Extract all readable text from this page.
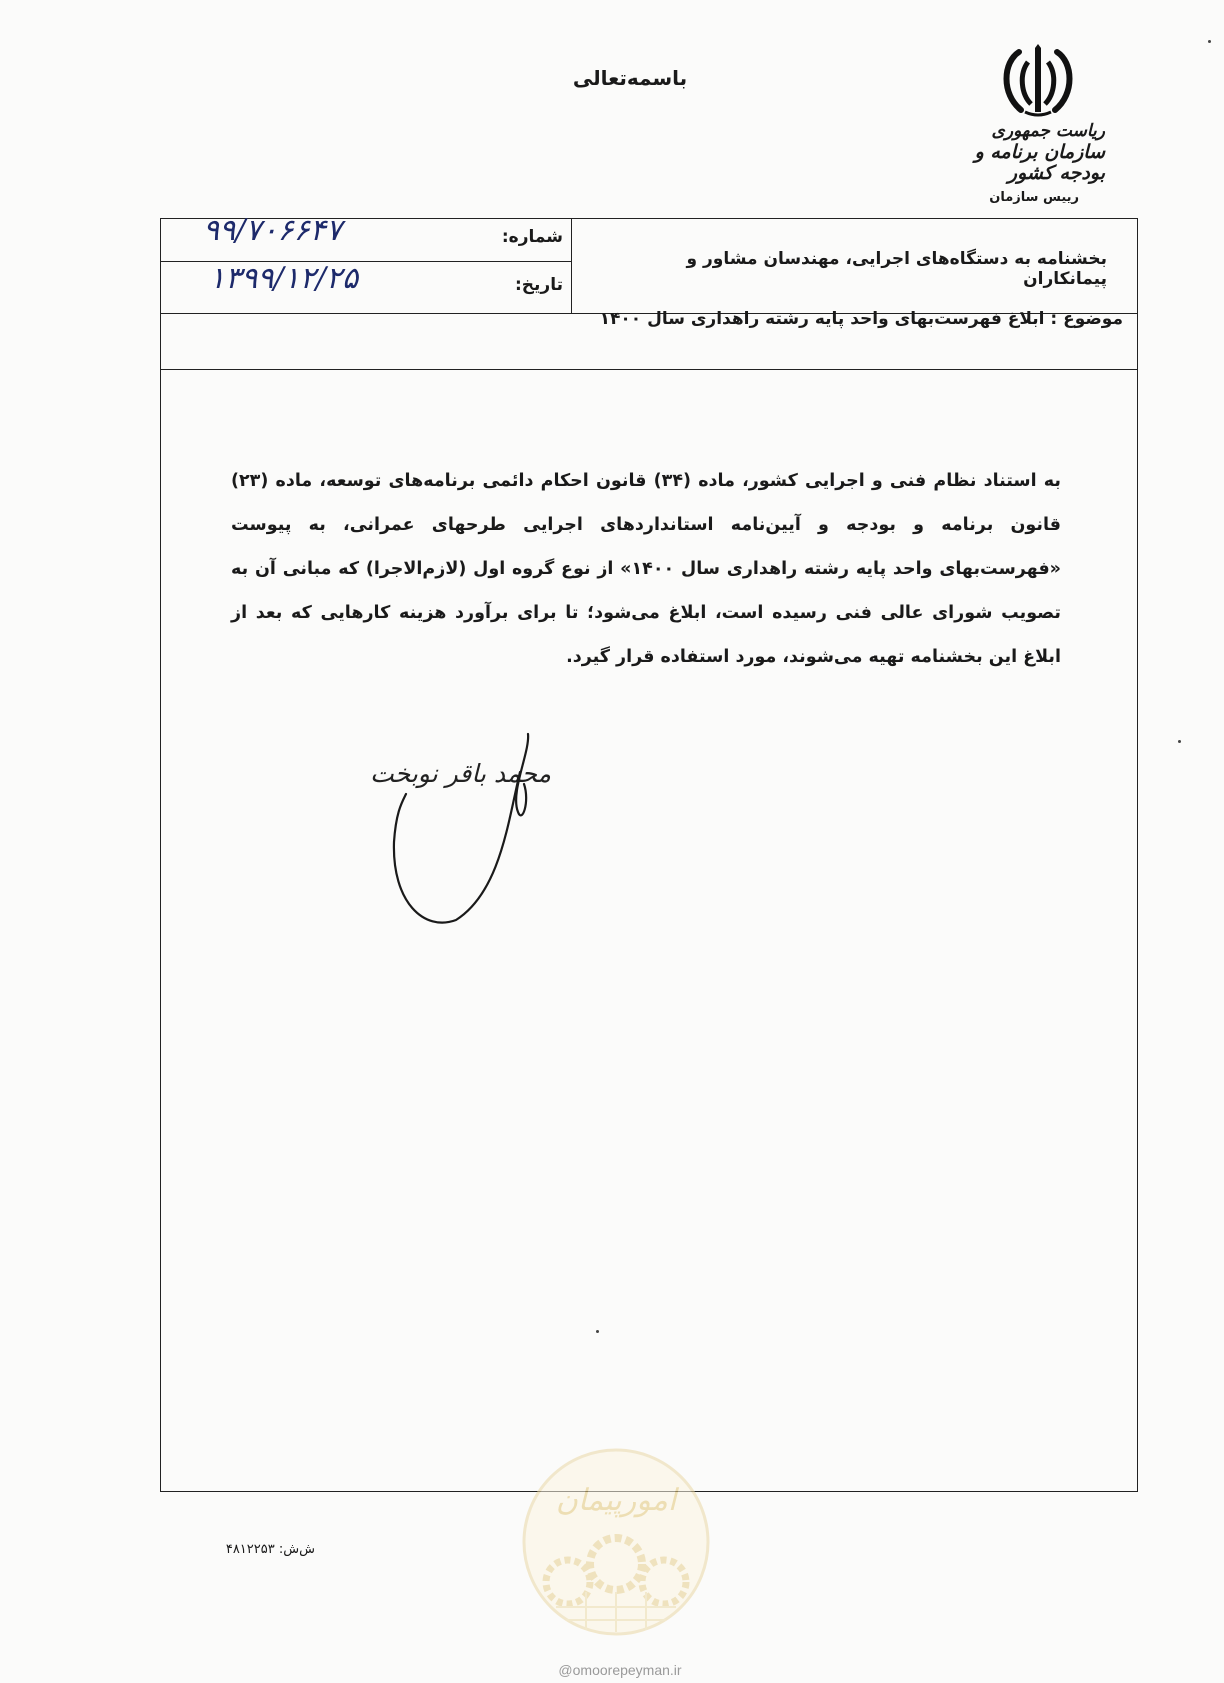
باسمه‌تعالی
ریاست جمهوری
سازمان برنامه و بودجه کشور
رییس سازمان
بخشنامه به دستگاه‌های اجرایی، مهندسان مشاور و پیمانکاران
شماره:
۹۹/۷۰۶۶۴۷
تاریخ:
۱۳۹۹/۱۲/۲۵
موضوع : ابلاغ فهرست‌بهای واحد پایه رشته راهداری سال ۱۴۰۰
به استناد نظام فنی و اجرایی کشور، ماده (۳۴) قانون احکام دائمی برنامه‌های توسعه، ماده (۲۳) قانون برنامه و بودجه و آیین‌نامه استانداردهای اجرایی طرحهای عمرانی، به پیوست «فهرست‌بهای واحد پایه رشته راهداری سال ۱۴۰۰» از نوع گروه اول (لازم‌الاجرا) که مبانی آن به تصویب شورای عالی فنی رسیده است، ابلاغ می‌شود؛ تا برای برآورد هزینه کارهایی که بعد از ابلاغ این بخشنامه تهیه می‌شوند، مورد استفاده قرار گیرد.
محمد باقر نوبخت
امورپیمان
ش‌ش: ۴۸۱۲۲۵۳
@omoorepeyman.ir
